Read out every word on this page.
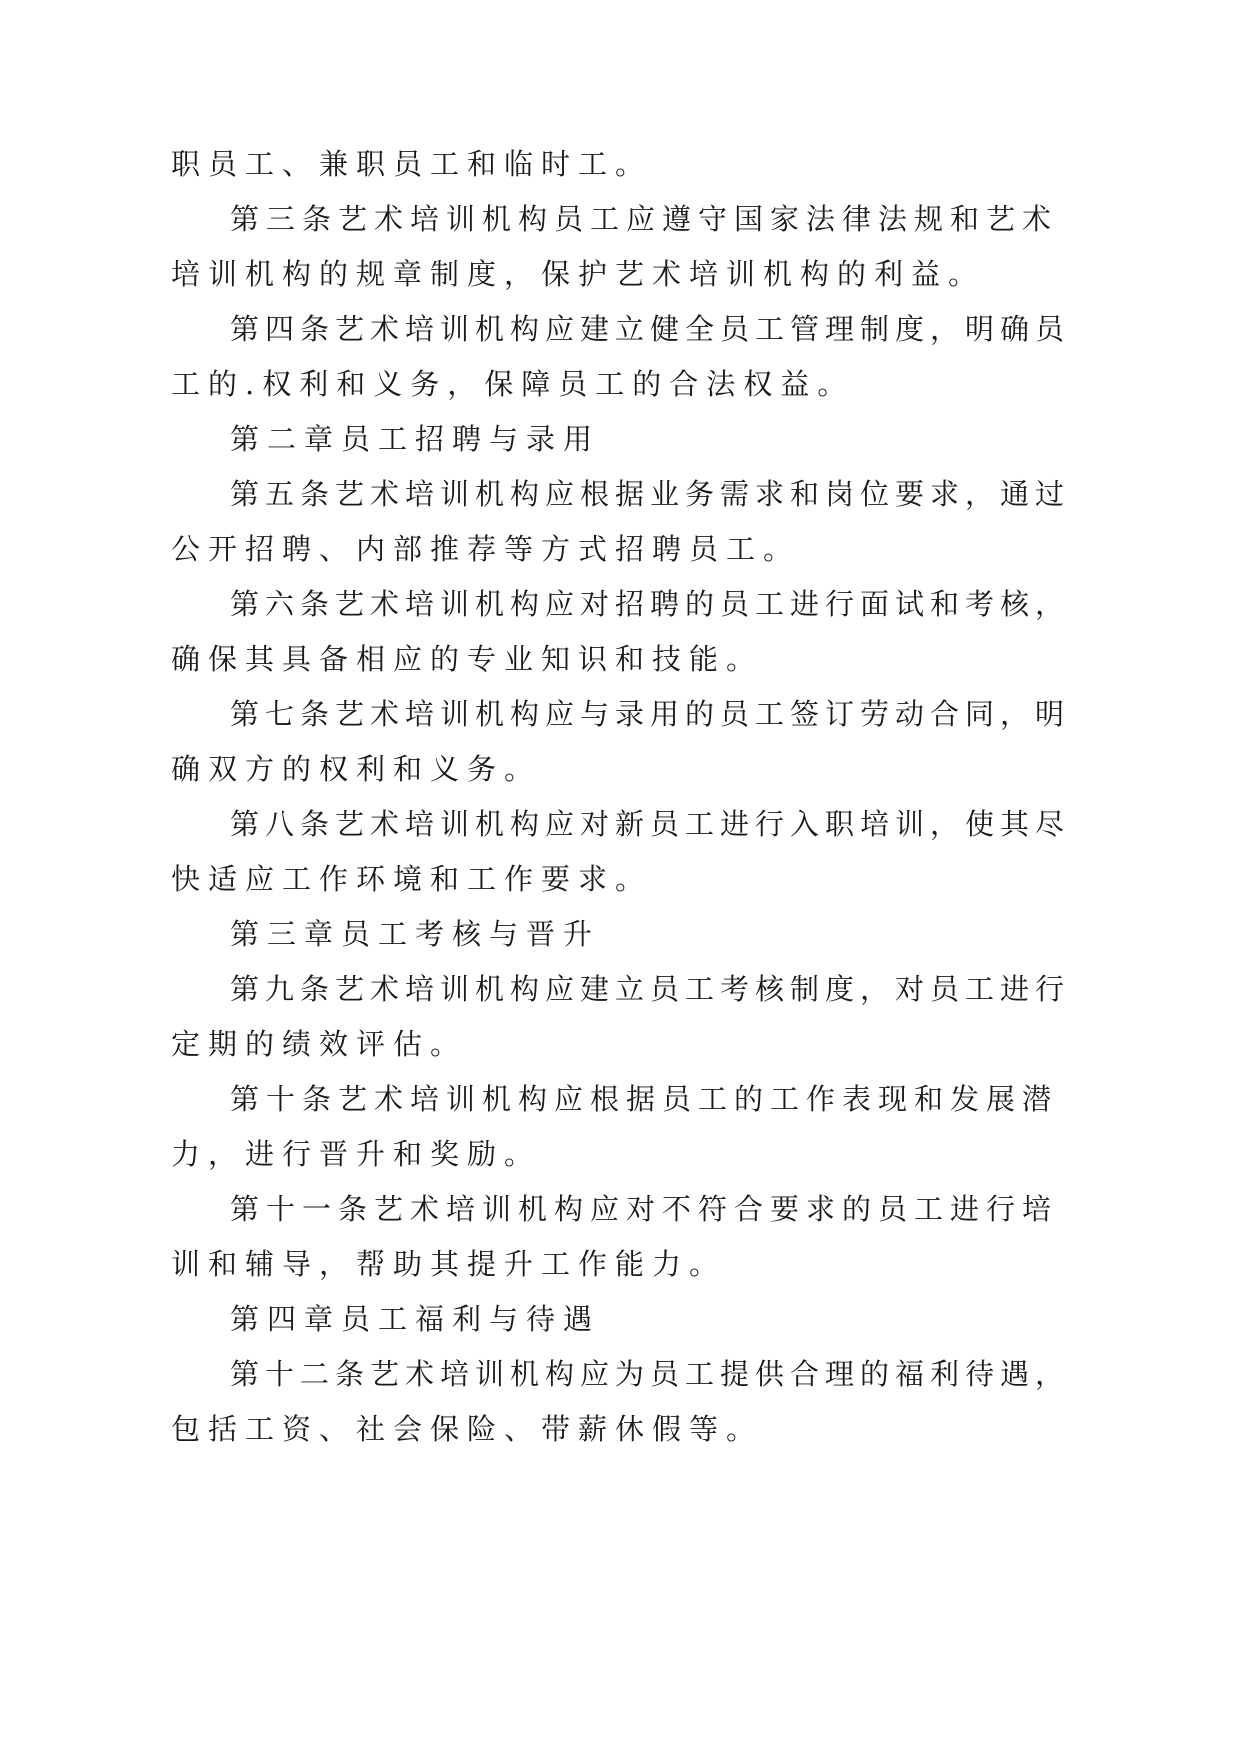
职员工、兼职员工和临时工。
第三条艺术培训机构员工应遵守国家法律法规和艺术
培训机构的规章制度，保护艺术培训机构的利益。
第四条艺术培训机构应建立健全员工管理制度，明确员
工的.权利和义务，保障员工的合法权益。
第二章员工招聘与录用
第五条艺术培训机构应根据业务需求和岗位要求，通过
公开招聘、内部推荐等方式招聘员工。
第六条艺术培训机构应对招聘的员工进行面试和考核，
确保其具备相应的专业知识和技能。
第七条艺术培训机构应与录用的员工签订劳动合同，明
确双方的权利和义务。
第八条艺术培训机构应对新员工进行入职培训，使其尽
快适应工作环境和工作要求。
第三章员工考核与晋升
第九条艺术培训机构应建立员工考核制度，对员工进行
定期的绩效评估。
第十条艺术培训机构应根据员工的工作表现和发展潜
力，进行晋升和奖励。
第十一条艺术培训机构应对不符合要求的员工进行培
训和辅导，帮助其提升工作能力。
第四章员工福利与待遇
第十二条艺术培训机构应为员工提供合理的福利待遇，
包括工资、社会保险、带薪休假等。
